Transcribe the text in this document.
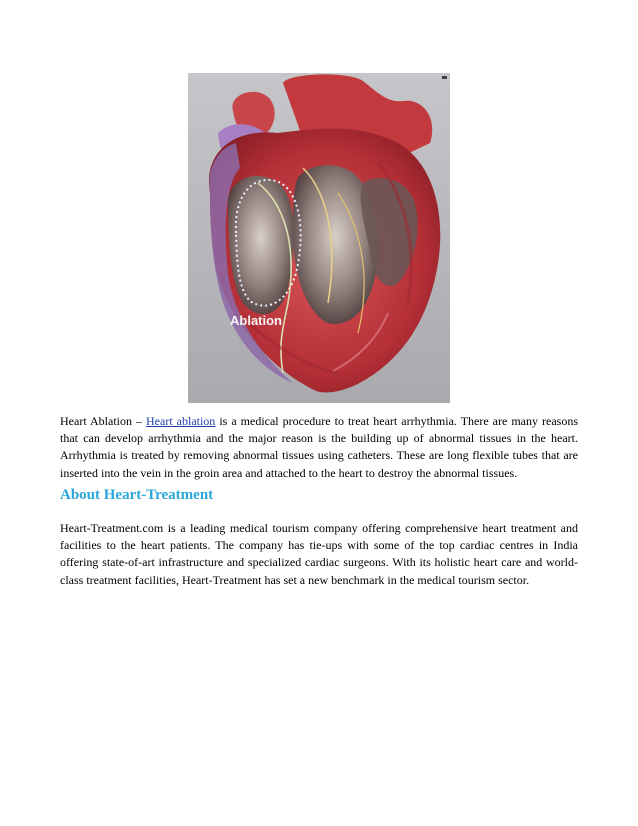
Ablation

Heart Ablation – Heart ablation is a medical procedure to treat heart arrhythmia. There are many reasons that can develop arrhythmia and the major reason is the building up of abnormal tissues in the heart. Arrhythmia is treated by removing abnormal tissues using catheters. These are long flexible tubes that are inserted into the vein in the groin area and attached to the heart to destroy the abnormal tissues.

About Heart-Treatment

Heart-Treatment.com is a leading medical tourism company offering comprehensive heart treatment and facilities to the heart patients. The company has tie-ups with some of the top cardiac centres in India offering state-of-art infrastructure and specialized cardiac surgeons. With its holistic heart care and world-class treatment facilities, Heart-Treatment has set a new benchmark in the medical tourism sector.
